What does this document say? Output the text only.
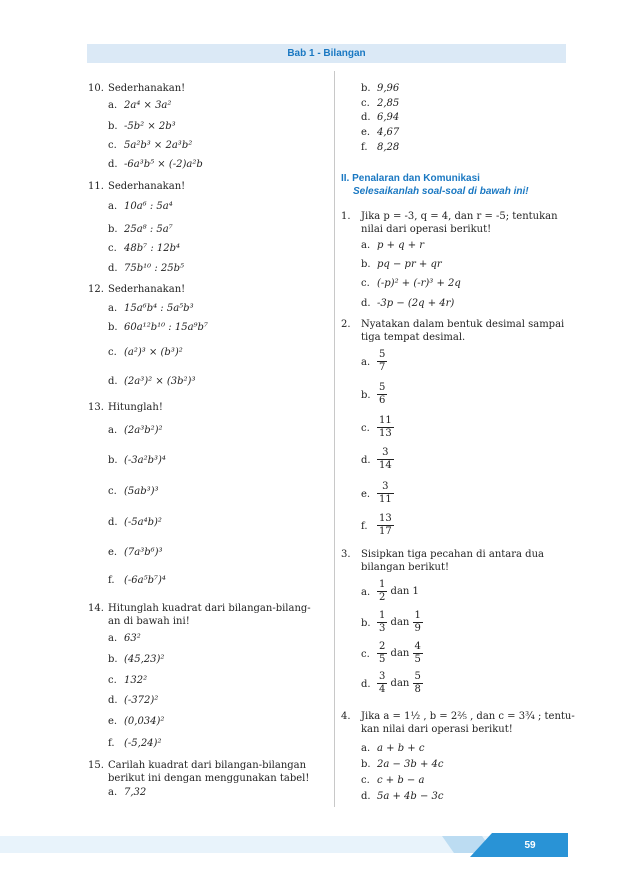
Bab 1 - Bilangan
10. Sederhanakan!
a. 2a⁴ × 3a²
b. -5b² × 2b³
c. 5a²b³ × 2a³b²
d. -6a³b⁵ × (-2)a²b
11. Sederhanakan!
a. 10a⁶ : 5a⁴
b. 25a⁸ : 5a⁷
c. 48b⁷ : 12b⁴
d. 75b¹⁰ : 25b⁵
12. Sederhanakan!
a. 15a⁶b⁴ : 5a⁵b³
b. 60a¹²b¹⁰ : 15a⁹b⁷
c. (a²)³ × (b³)²
d. (2a³)² × (3b²)³
13. Hitunglah!
a. (2a³b²)²
b. (-3a²b³)⁴
c. (5ab³)³
d. (-5a⁴b)²
e. (7a³b⁶)³
f. (-6a⁵b⁷)⁴
14. Hitunglah kuadrat dari bilangan-bilang-an di bawah ini!
a. 63²
b. (45,23)²
c. 132²
d. (-372)²
e. (0,034)²
f. (-5,24)²
15. Carilah kuadrat dari bilangan-bilangan berikut ini dengan menggunakan tabel!
a. 7,32
b. 9,96
c. 2,85
d. 6,94
e. 4,67
f. 8,28
II. Penalaran dan Komunikasi
Selesaikanlah soal-soal di bawah ini!
1. Jika p = -3, q = 4, dan r = -5; tentukan nilai dari operasi berikut!
a. p + q + r
b. pq − pr + qr
c. (-p)² + (-r)³ + 2q
d. -3p − (2q + 4r)
2. Nyatakan dalam bentuk desimal sampai tiga tempat desimal.
a. $\frac{5}{7}$
b. $\frac{5}{6}$
c. $\frac{11}{13}$
d. $\frac{3}{14}$
e. $\frac{3}{11}$
f. $\frac{13}{17}$
3. Sisipkan tiga pecahan di antara dua bilangan berikut!
a. $\frac{1}{2}$ dan 1
b. $\frac{1}{3}$ dan $\frac{1}{9}$
c. $\frac{2}{5}$ dan $\frac{4}{5}$
d. $\frac{3}{4}$ dan $\frac{5}{8}$
4. Jika a = 1½ , b = 2⅖ , dan c = 3¾ ; tentu-kan nilai dari operasi berikut!
a. a + b + c
b. 2a − 3b + 4c
c. c + b − a
d. 5a + 4b − 3c
59
